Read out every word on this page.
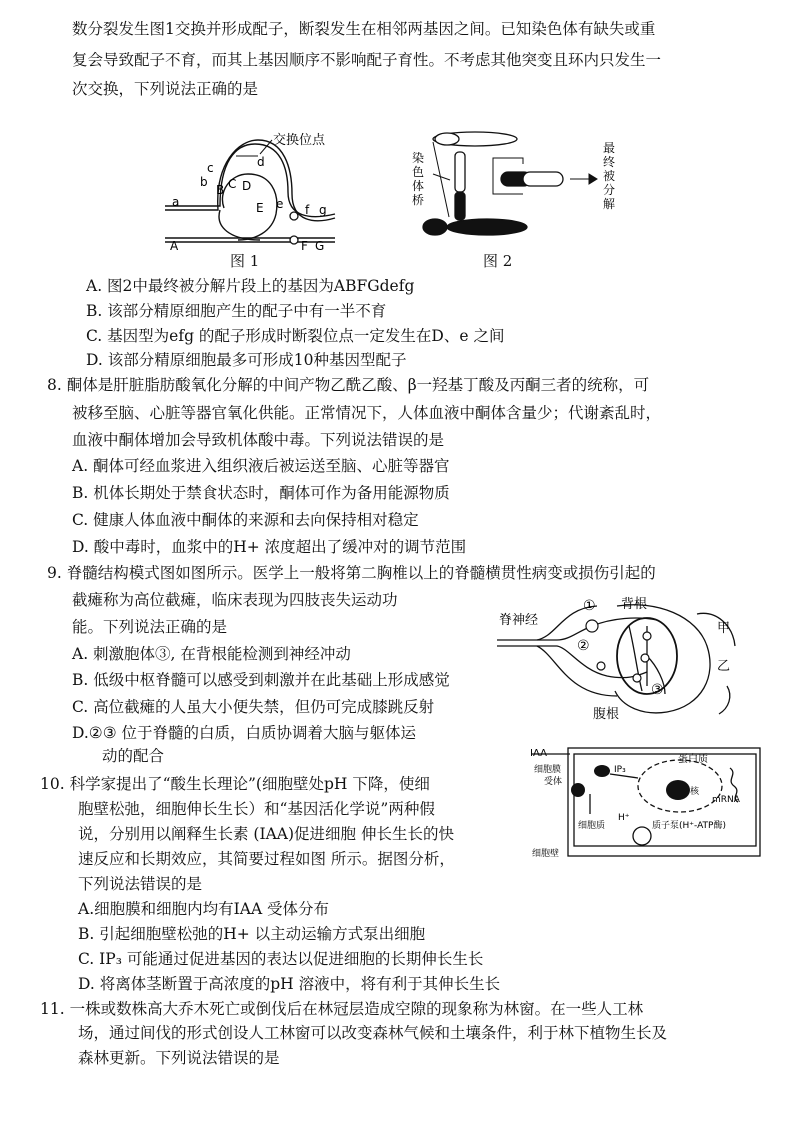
数分裂发生图1交换并形成配子，断裂发生在相邻两基因之间。已知染色体有缺失或重
复会导致配子不育，而其上基因顺序不影响配子育性。不考虑其他突变且环内只发生一
次交换，下列说法正确的是
交换位点
a
b
c	d
B C D
E e f g
A	F G
图 1
染
色
体
桥
最
终
被
分
解
图 2
A. 图2中最终被分解片段上的基因为ABFGdefg
B. 该部分精原细胞产生的配子中有一半不育
C. 基因型为efg 的配子形成时断裂位点一定发生在D、e 之间
D. 该部分精原细胞最多可形成10种基因型配子
8. 酮体是肝脏脂肪酸氧化分解的中间产物乙酰乙酸、β一羟基丁酸及丙酮三者的统称，可
被移至脑、心脏等器官氧化供能。正常情况下，人体血液中酮体含量少；代谢紊乱时，
血液中酮体增加会导致机体酸中毒。下列说法错误的是
A. 酮体可经血浆进入组织液后被运送至脑、心脏等器官
B. 机体长期处于禁食状态时，酮体可作为备用能源物质
C. 健康人体血液中酮体的来源和去向保持相对稳定
D. 酸中毒时，血浆中的H+ 浓度超出了缓冲对的调节范围
9. 脊髓结构模式图如图所示。医学上一般将第二胸椎以上的脊髓横贯性病变或损伤引起的
截瘫称为高位截瘫，临床表现为四肢丧失运动功
能。下列说法正确的是
A. 刺激胞体③, 在背根能检测到神经冲动
B. 低级中枢脊髓可以感受到刺激并在此基础上形成感觉
C. 高位截瘫的人虽大小便失禁，但仍可完成膝跳反射
D.②③ 位于脊髓的白质，白质协调着大脑与躯体运
动的配合
脊神经
背根
①
②
③
甲
乙
腹根
10. 科学家提出了“酸生长理论”(细胞壁处pH 下降，使细
胞壁松弛，细胞伸长生长）和“基因活化学说”两种假
说，分别用以阐释生长素 (IAA)促进细胞 伸长生长的快
速反应和长期效应，其简要过程如图 所示。据图分析，
下列说法错误的是
A.细胞膜和细胞内均有IAA 受体分布
B. 引起细胞壁松弛的H+ 以主动运输方式泵出细胞
C. IP₃ 可能通过促进基因的表达以促进细胞的长期伸长生长
D. 将离体茎断置于高浓度的pH 溶液中，将有利于其伸长生长
IAA
细胞膜
受体
IP₃
蛋白质
核
mRNA
H⁺
细胞质	质子泵(H⁺-ATP酶)
细胞壁
11. 一株或数株高大乔木死亡或倒伐后在林冠层造成空隙的现象称为林窗。在一些人工林
场，通过间伐的形式创设人工林窗可以改变森林气候和土壤条件，利于林下植物生长及
森林更新。下列说法错误的是
